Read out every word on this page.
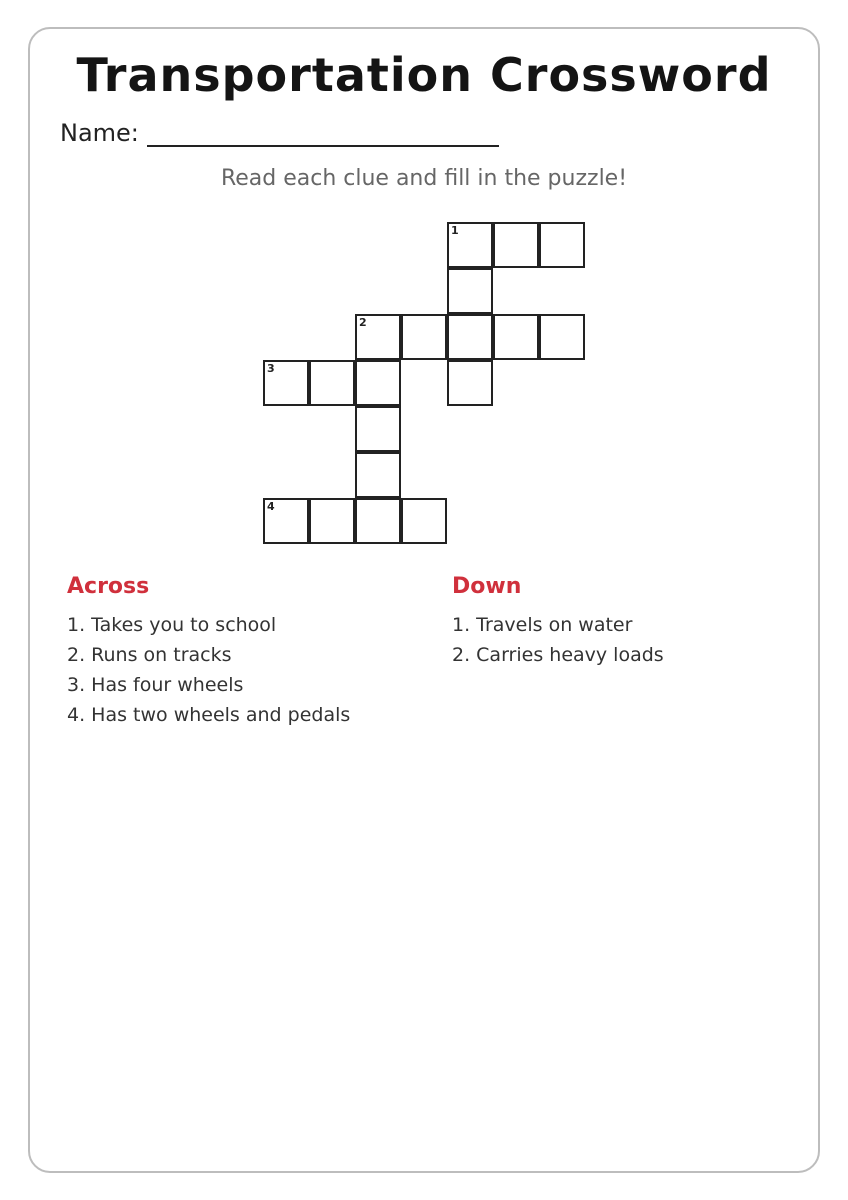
Transportation Crossword
Name:
Read each clue and fill in the puzzle!
1
2
3
4
Across
1. Takes you to school
2. Runs on tracks
3. Has four wheels
4. Has two wheels and pedals
Down
1. Travels on water
2. Carries heavy loads
